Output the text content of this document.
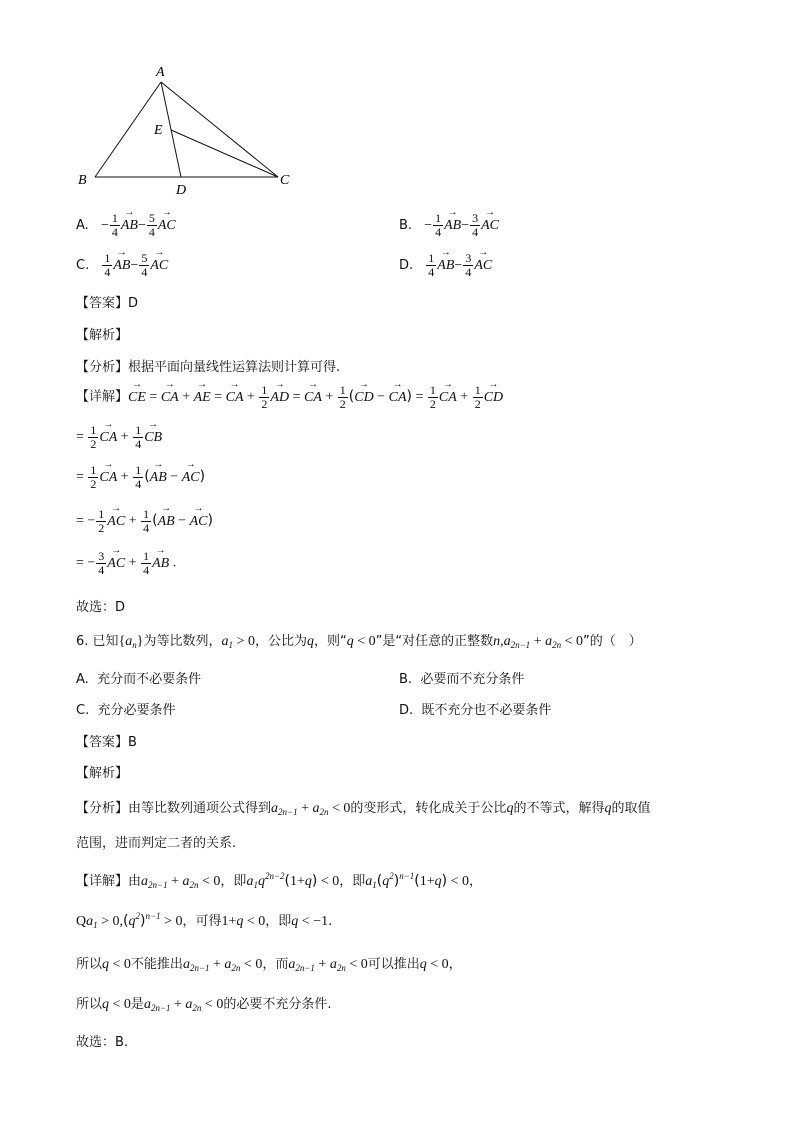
A
E
B
D
C
A. − $\frac{1}{4}$
→ $AB- \frac{5}{4}$
→ AC	B. − $\frac{1}{4}$
→ $AB- \frac{3}{4}$
→ AC
C. $\frac{1}{4}$
→ $AB- \frac{5}{4}$
→ AC	D. $\frac{1}{4}$
→ $AB- \frac{3}{4}$
→ AC
【答案】D
【解析】
【分析】根据平面向量线性运算法则计算可得.
【详解】→ CE = → CA + → AE = → CA + $\frac{1}{2}$
→ AD = → CA + $\frac{1}{2}$ (→ CD − → $CA) = \frac{1}{2}$
→ CA + $\frac{1}{2}$
→ CD
= $\frac{1}{2}$
→ CA + $\frac{1}{4}$
→ CB
= $\frac{1}{2}$
→ CA + $\frac{1}{4}$ (→ AB − → AC)
= − $\frac{1}{2}$
→ AC + $\frac{1}{4}$ (→ AB − → AC)
= − $\frac{3}{4}$
→ AC + $\frac{1}{4}$
→ AB .
故选：D
6. 已知$\{a_n\}$为等比数列，$a_1 > 0$，公比为q，则“q < 0”是“对任意的正整数$n,a_{2n-1} + a_{2n} < 0$”的（　）
A. 充分而不必要条件	B. 必要而不充分条件
C. 充分必要条件	D. 既不充分也不必要条件
【答案】B
【解析】
【分析】由等比数列通项公式得到$a_{2n-1} + a_{2n} < 0$的变形式，转化成关于公比q的不等式，解得q的取值
范围，进而判定二者的关系.
【详解】由$a_{2n-1} + a_{2n} < 0$，即$a_1q^{2n-2}(1+q) < 0$，即$a_1(q^2)^{n-1}(1+q) < 0$，
$Qa_1 > 0,(q^2)^{n-1} > 0$，可得1+q < 0，即q < −1.
所以q < 0不能推出$a_{2n-1} + a_{2n} < 0$，而$a_{2n-1} + a_{2n} < 0$可以推出q < 0，
所以q < 0是$a_{2n-1} + a_{2n} < 0$的必要不充分条件.
故选：B.
